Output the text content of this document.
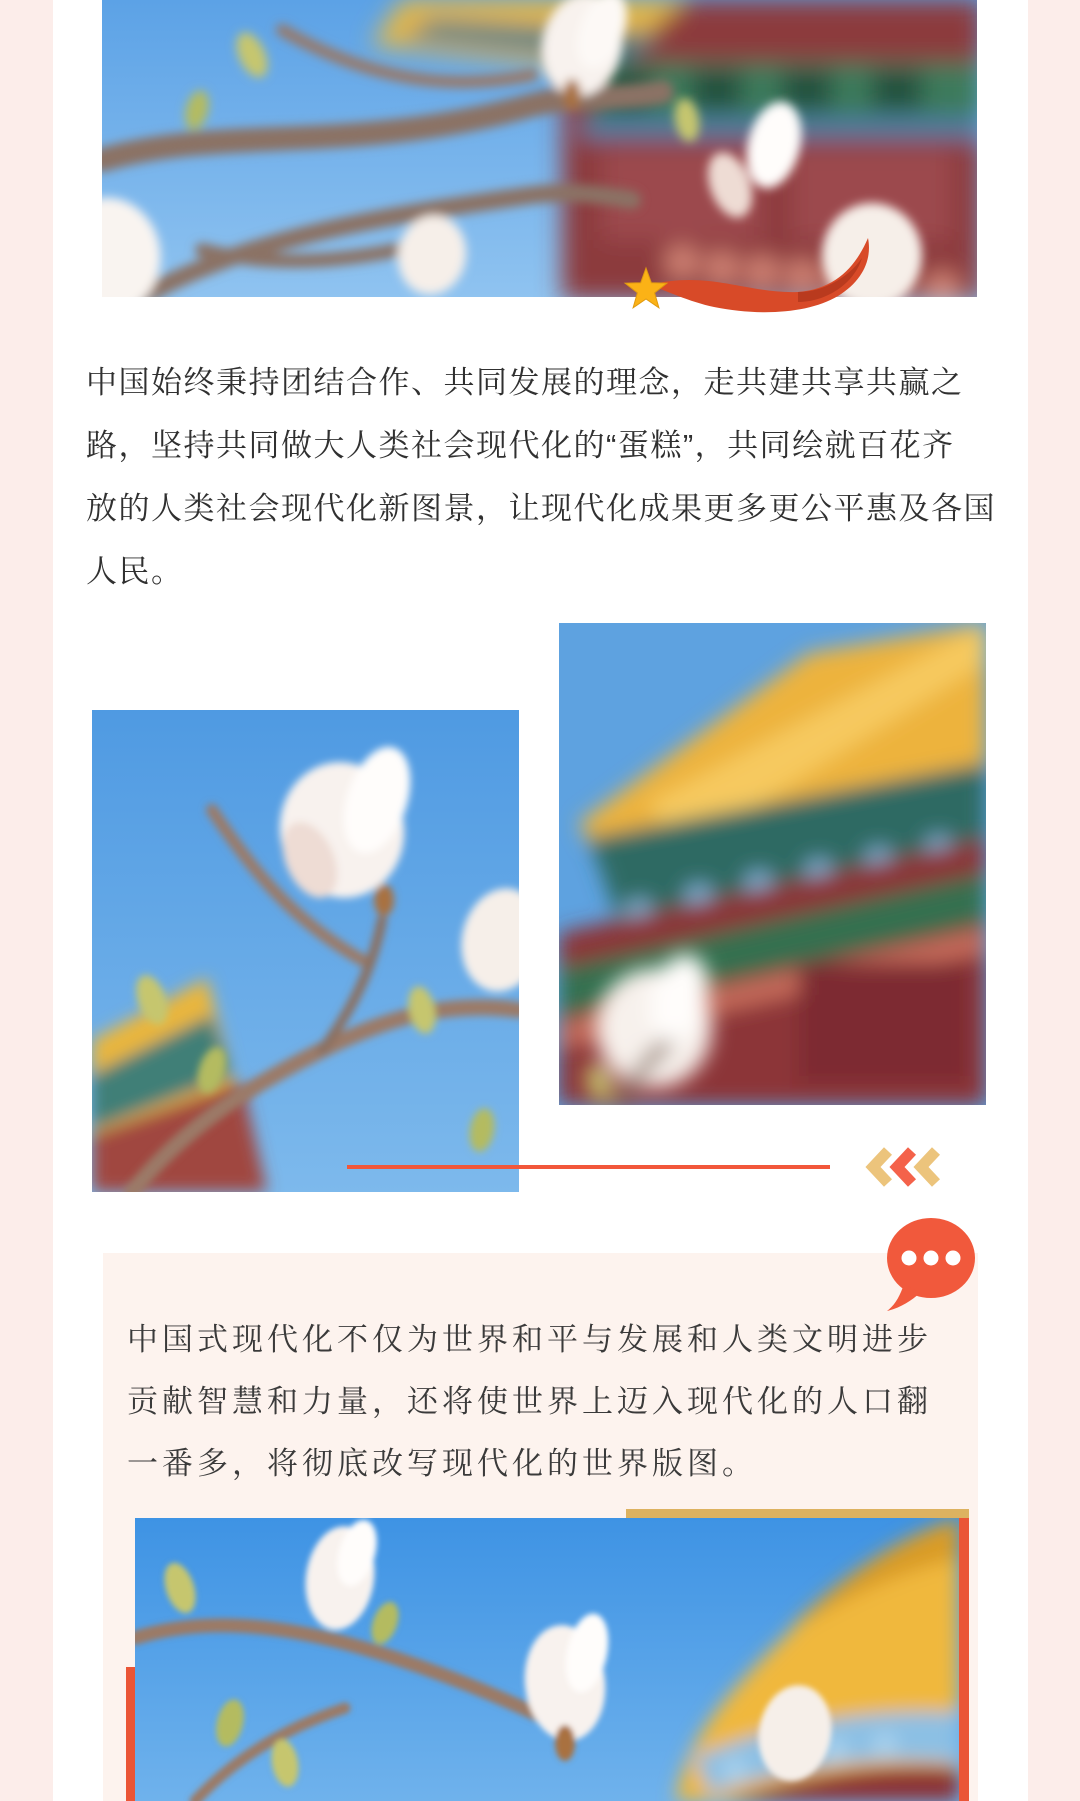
中国始终秉持团结合作、共同发展的理念，走共建共享共赢之
路，坚持共同做大人类社会现代化的“蛋糕”，共同绘就百花齐
放的人类社会现代化新图景，让现代化成果更多更公平惠及各国
人民。
中国式现代化不仅为世界和平与发展和人类文明进步
贡献智慧和力量，还将使世界上迈入现代化的人口翻
一番多，将彻底改写现代化的世界版图。
